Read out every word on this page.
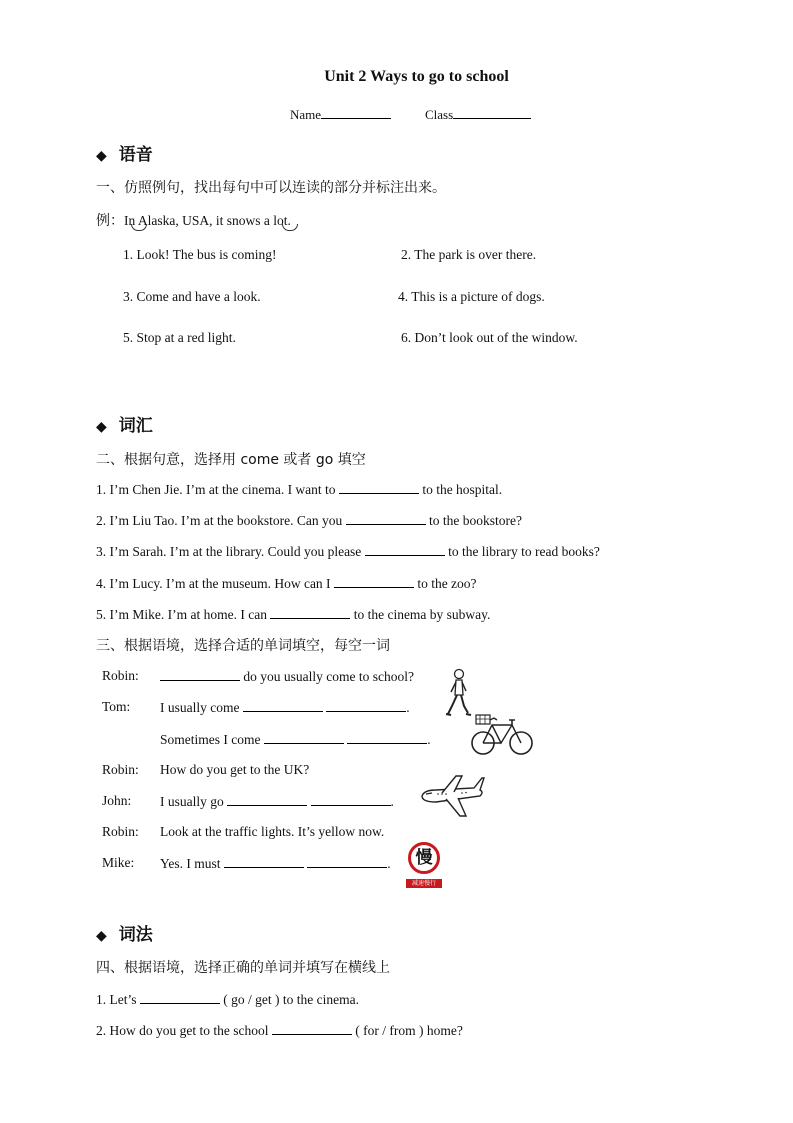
Unit 2 Ways to go to school
Name	Class
◆ 语音
一、仿照例句，找出每句中可以连读的部分并标注出来。
例：In Alaska, USA, it snows a lot.
1. Look! The bus is coming!	2. The park is over there.
3. Come and have a look.	4. This is a picture of dogs.
5. Stop at a red light.	6. Don’t look out of the window.
◆ 词汇
二、根据句意，选择用 come 或者 go 填空
1. I’m Chen Jie. I’m at the cinema. I want to	to the hospital.
2. I’m Liu Tao. I’m at the bookstore. Can you	to the bookstore?
3. I’m Sarah. I’m at the library. Could you please	to the library to read books?
4. I’m Lucy. I’m at the museum. How can I	to the zoo?
5. I’m Mike. I’m at home. I can	to the cinema by subway.
三、根据语境，选择合适的单词填空，每空一词
Robin:	do you usually come to school?
Tom: I usually come	.
Sometimes I come	.
Robin: How do you get to the UK?
John: I usually go	.
Robin: Look at the traffic lights. It’s yellow now.
Mike: Yes. I must	.	慢
减速慢行
◆ 词法
四、根据语境，选择正确的单词并填写在横线上
1. Let’s	( go / get ) to the cinema.
2. How do you get to the school	( for / from ) home?
